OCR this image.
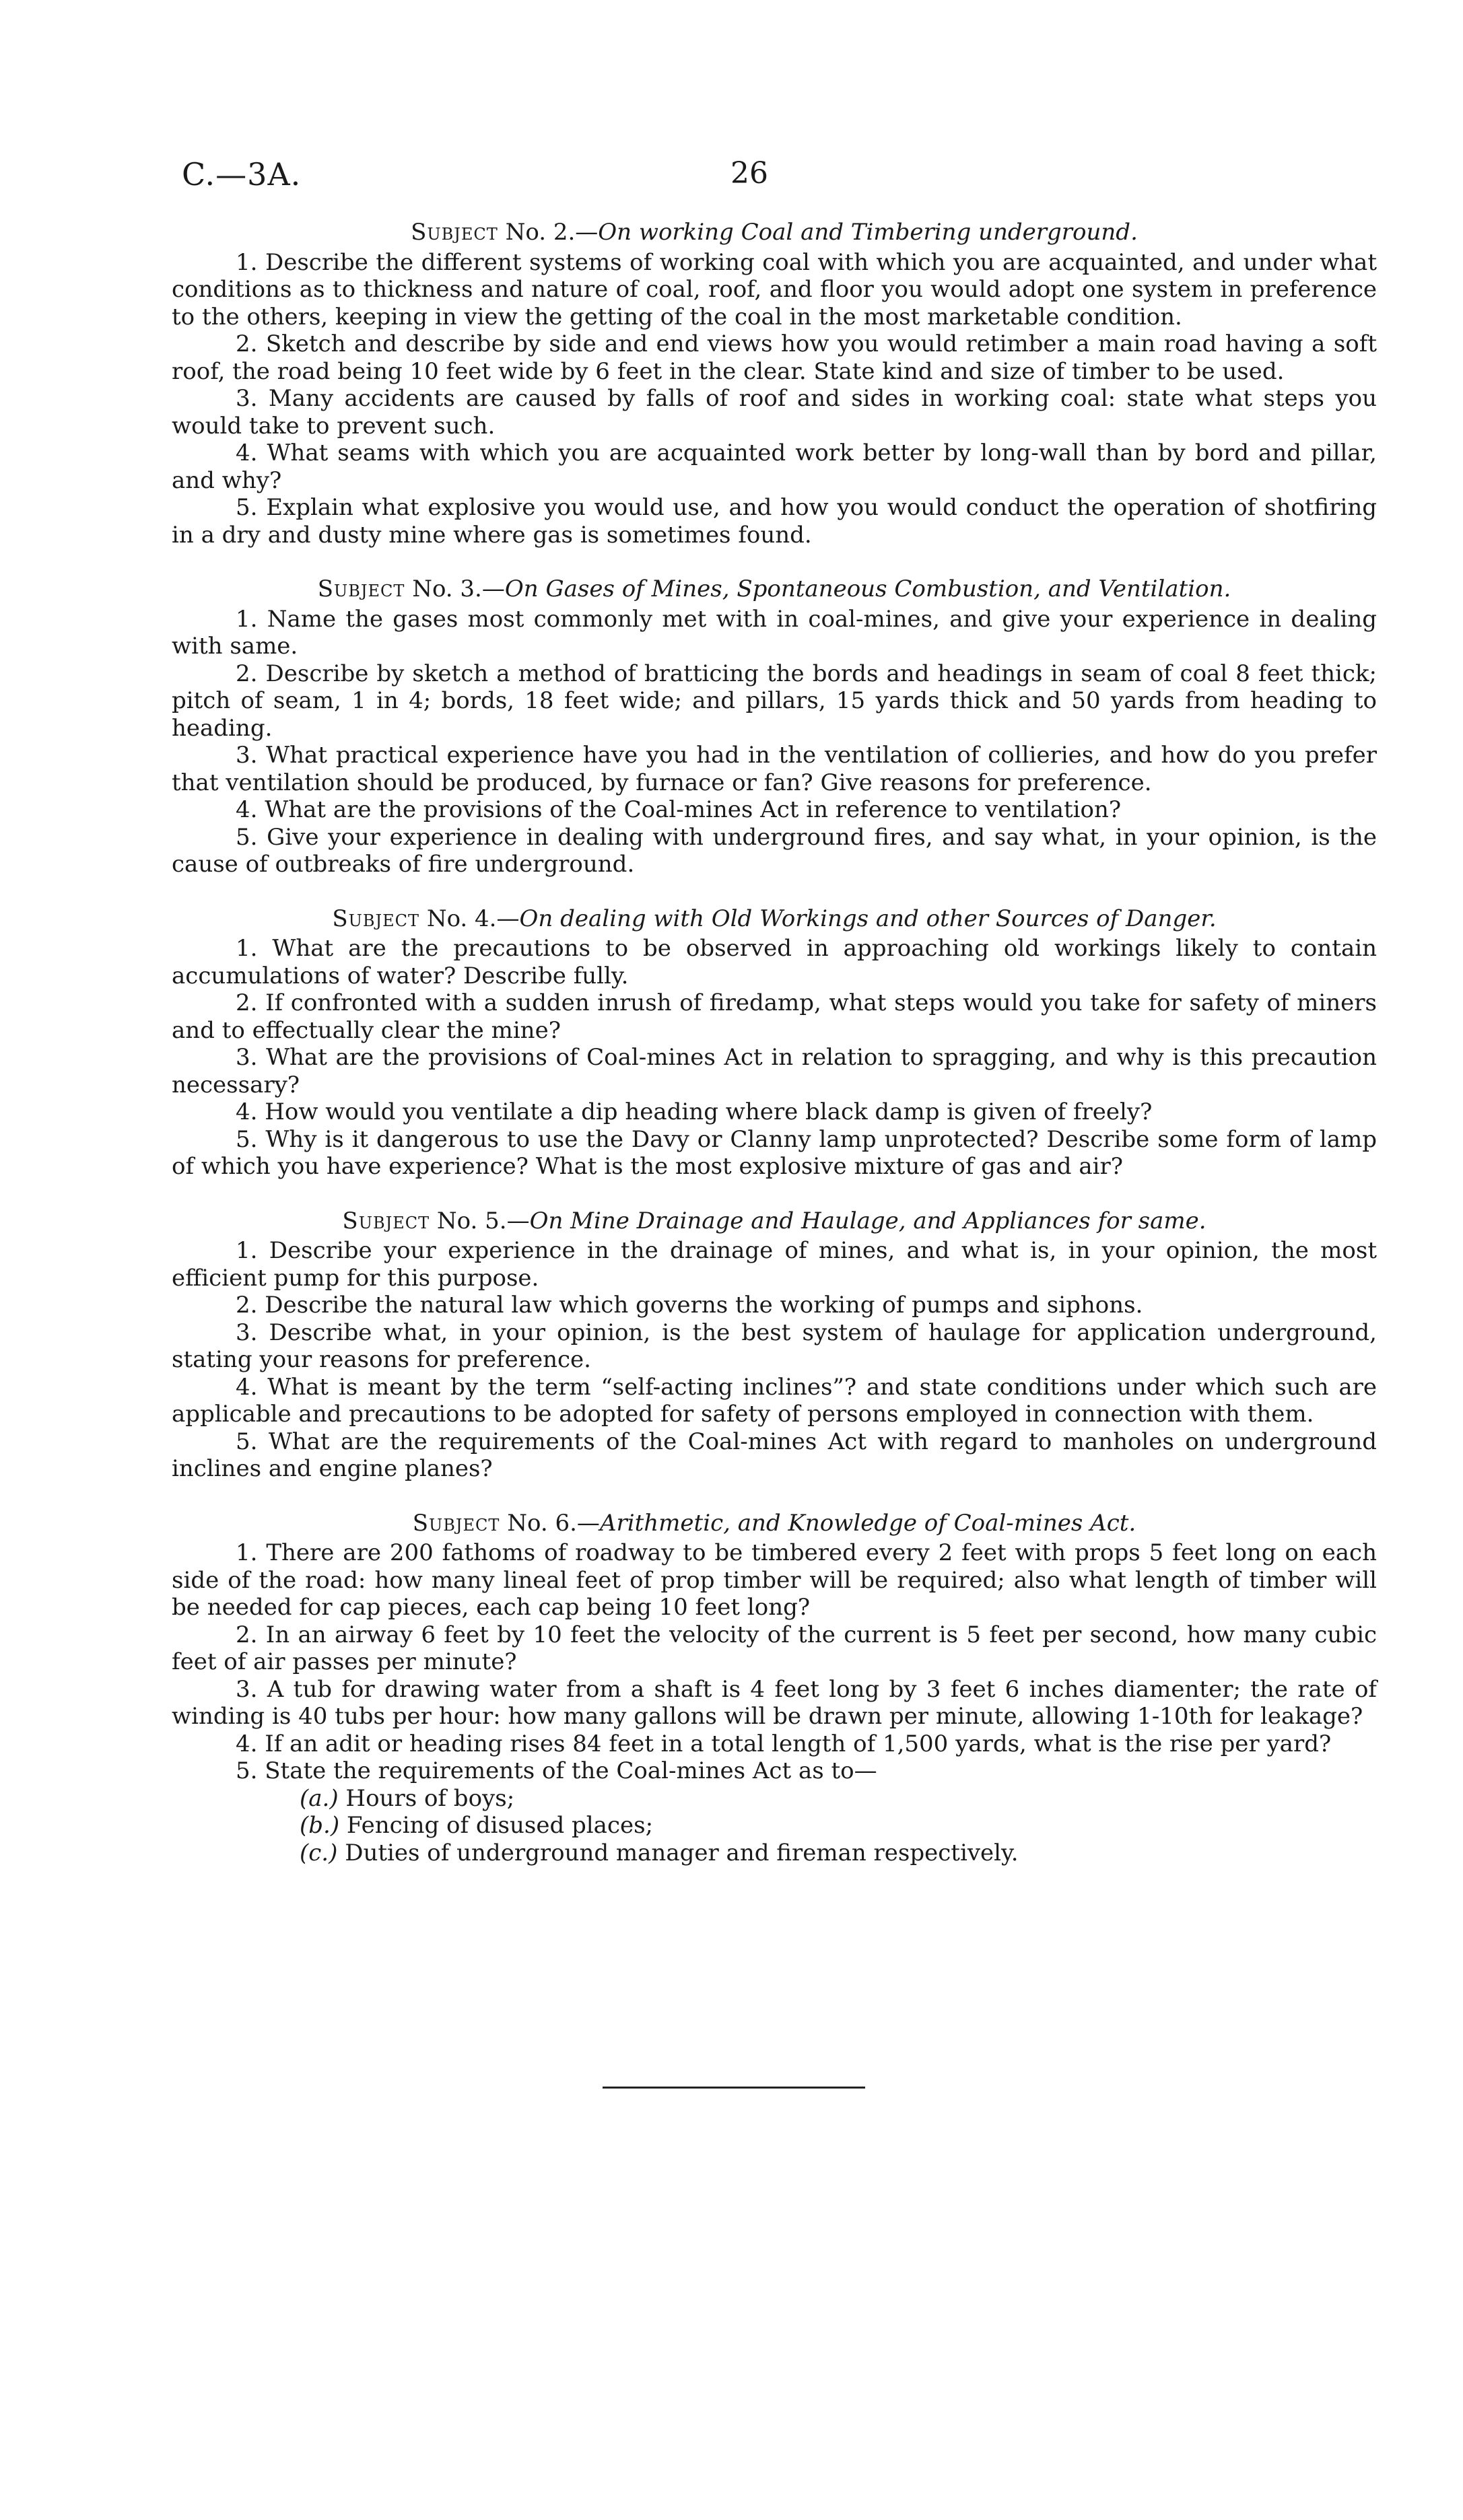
C.—3A.	26

Subject No. 2.—On working Coal and Timbering underground.

1. Describe the different systems of working coal with which you are acquainted, and under what conditions as to thickness and nature of coal, roof, and floor you would adopt one system in preference to the others, keeping in view the getting of the coal in the most marketable condition.

2. Sketch and describe by side and end views how you would retimber a main road having a soft roof, the road being 10 feet wide by 6 feet in the clear. State kind and size of timber to be used.

3. Many accidents are caused by falls of roof and sides in working coal: state what steps you would take to prevent such.

4. What seams with which you are acquainted work better by long-wall than by bord and pillar, and why?

5. Explain what explosive you would use, and how you would conduct the operation of shotfiring in a dry and dusty mine where gas is sometimes found.

Subject No. 3.—On Gases of Mines, Spontaneous Combustion, and Ventilation.

1. Name the gases most commonly met with in coal-mines, and give your experience in dealing with same.

2. Describe by sketch a method of bratticing the bords and headings in seam of coal 8 feet thick; pitch of seam, 1 in 4; bords, 18 feet wide; and pillars, 15 yards thick and 50 yards from heading to heading.

3. What practical experience have you had in the ventilation of collieries, and how do you prefer that ventilation should be produced, by furnace or fan? Give reasons for preference.

4. What are the provisions of the Coal-mines Act in reference to ventilation?

5. Give your experience in dealing with underground fires, and say what, in your opinion, is the cause of outbreaks of fire underground.

Subject No. 4.—On dealing with Old Workings and other Sources of Danger.

1. What are the precautions to be observed in approaching old workings likely to contain accumulations of water? Describe fully.

2. If confronted with a sudden inrush of firedamp, what steps would you take for safety of miners and to effectually clear the mine?

3. What are the provisions of Coal-mines Act in relation to spragging, and why is this precaution necessary?

4. How would you ventilate a dip heading where black damp is given of freely?

5. Why is it dangerous to use the Davy or Clanny lamp unprotected? Describe some form of lamp of which you have experience? What is the most explosive mixture of gas and air?

Subject No. 5.—On Mine Drainage and Haulage, and Appliances for same.

1. Describe your experience in the drainage of mines, and what is, in your opinion, the most efficient pump for this purpose.

2. Describe the natural law which governs the working of pumps and siphons.

3. Describe what, in your opinion, is the best system of haulage for application underground, stating your reasons for preference.

4. What is meant by the term “self-acting inclines”? and state conditions under which such are applicable and precautions to be adopted for safety of persons employed in connection with them.

5. What are the requirements of the Coal-mines Act with regard to manholes on underground inclines and engine planes?

Subject No. 6.—Arithmetic, and Knowledge of Coal-mines Act.

1. There are 200 fathoms of roadway to be timbered every 2 feet with props 5 feet long on each side of the road: how many lineal feet of prop timber will be required; also what length of timber will be needed for cap pieces, each cap being 10 feet long?

2. In an airway 6 feet by 10 feet the velocity of the current is 5 feet per second, how many cubic feet of air passes per minute?

3. A tub for drawing water from a shaft is 4 feet long by 3 feet 6 inches diamenter; the rate of winding is 40 tubs per hour: how many gallons will be drawn per minute, allowing 1-10th for leakage?

4. If an adit or heading rises 84 feet in a total length of 1,500 yards, what is the rise per yard?

5. State the requirements of the Coal-mines Act as to—

(a.) Hours of boys;

(b.) Fencing of disused places;

(c.) Duties of underground manager and fireman respectively.
